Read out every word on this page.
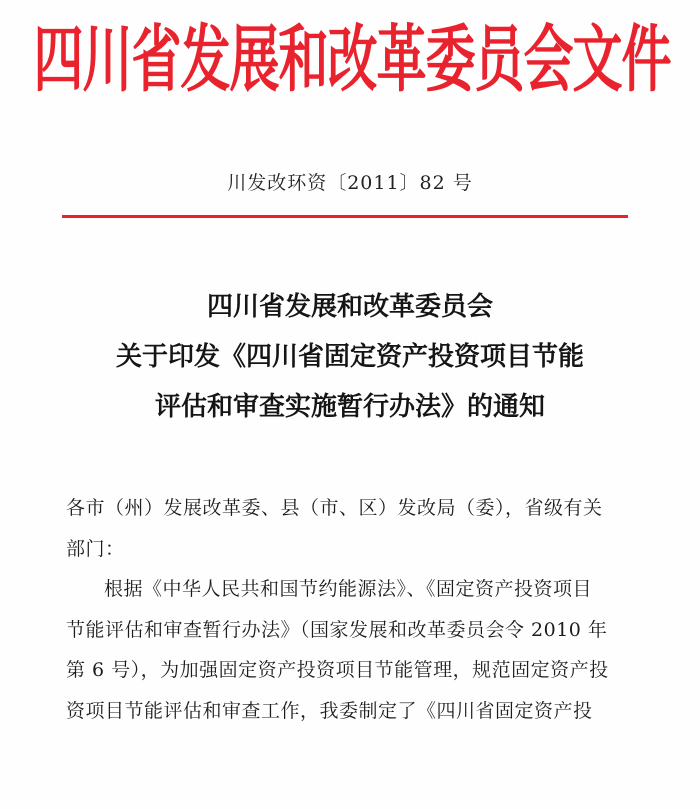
四川省发展和改革委员会文件
川发改环资〔2011〕82 号
四川省发展和改革委员会
关于印发《四川省固定资产投资项目节能
评估和审查实施暂行办法》的通知
各市（州）发展改革委、县（市、区）发改局（委），省级有关
部门：
根据《中华人民共和国节约能源法》、《固定资产投资项目
节能评估和审查暂行办法》（国家发展和改革委员会令 2010 年
第 6 号），为加强固定资产投资项目节能管理，规范固定资产投
资项目节能评估和审查工作，我委制定了《四川省固定资产投
